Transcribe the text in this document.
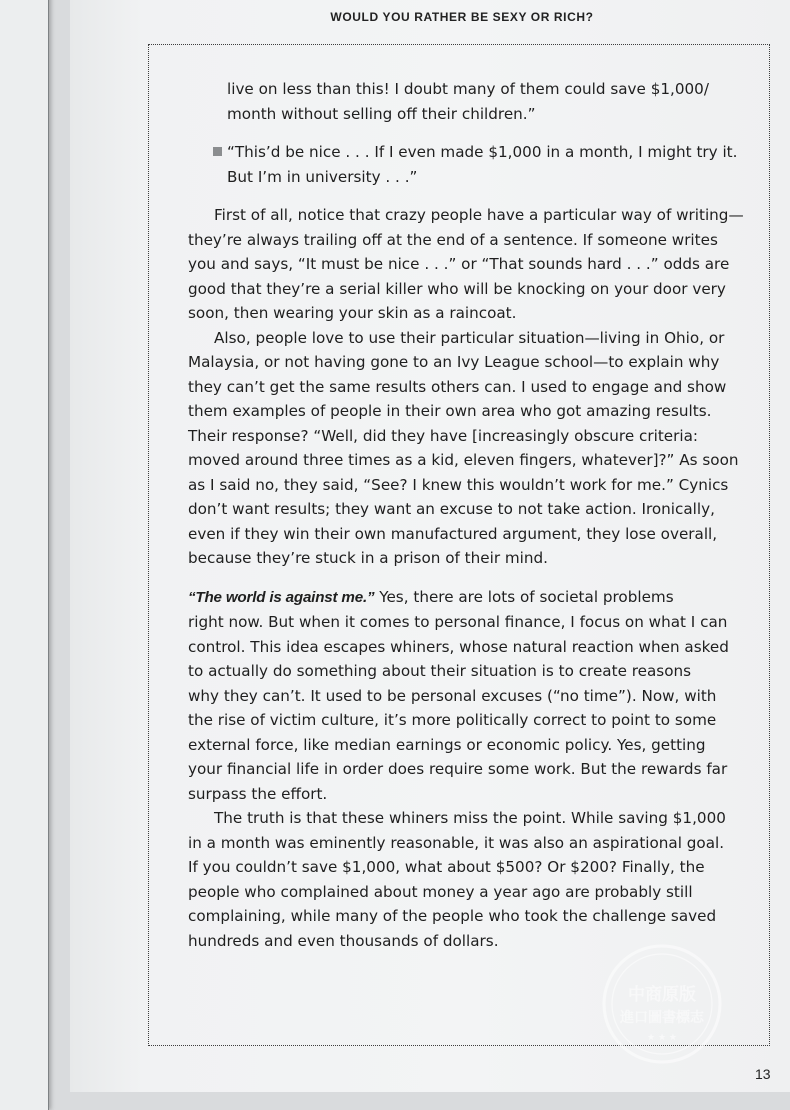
WOULD YOU RATHER BE SEXY OR RICH?
live on less than this! I doubt many of them could save $1,000/
month without selling off their children.”
“This’d be nice . . . If I even made $1,000 in a month, I might try it.
But I’m in university . . .”
First of all, notice that crazy people have a particular way of writing—
they’re always trailing off at the end of a sentence. If someone writes
you and says, “It must be nice . . .” or “That sounds hard . . .” odds are
good that they’re a serial killer who will be knocking on your door very
soon, then wearing your skin as a raincoat.
Also, people love to use their particular situation—living in Ohio, or
Malaysia, or not having gone to an Ivy League school—to explain why
they can’t get the same results others can. I used to engage and show
them examples of people in their own area who got amazing results.
Their response? “Well, did they have [increasingly obscure criteria:
moved around three times as a kid, eleven fingers, whatever]?” As soon
as I said no, they said, “See? I knew this wouldn’t work for me.” Cynics
don’t want results; they want an excuse to not take action. Ironically,
even if they win their own manufactured argument, they lose overall,
because they’re stuck in a prison of their mind.
“The world is against me.” Yes, there are lots of societal problems
right now. But when it comes to personal finance, I focus on what I can
control. This idea escapes whiners, whose natural reaction when asked
to actually do something about their situation is to create reasons
why they can’t. It used to be personal excuses (“no time”). Now, with
the rise of victim culture, it’s more politically correct to point to some
external force, like median earnings or economic policy. Yes, getting
your financial life in order does require some work. But the rewards far
surpass the effort.
The truth is that these whiners miss the point. While saving $1,000
in a month was eminently reasonable, it was also an aspirational goal.
If you couldn’t save $1,000, what about $500? Or $200? Finally, the
people who complained about money a year ago are probably still
complaining, while many of the people who took the challenge saved
hundreds and even thousands of dollars.
中商原版
進口圖書標志
★ ★ ★
13
